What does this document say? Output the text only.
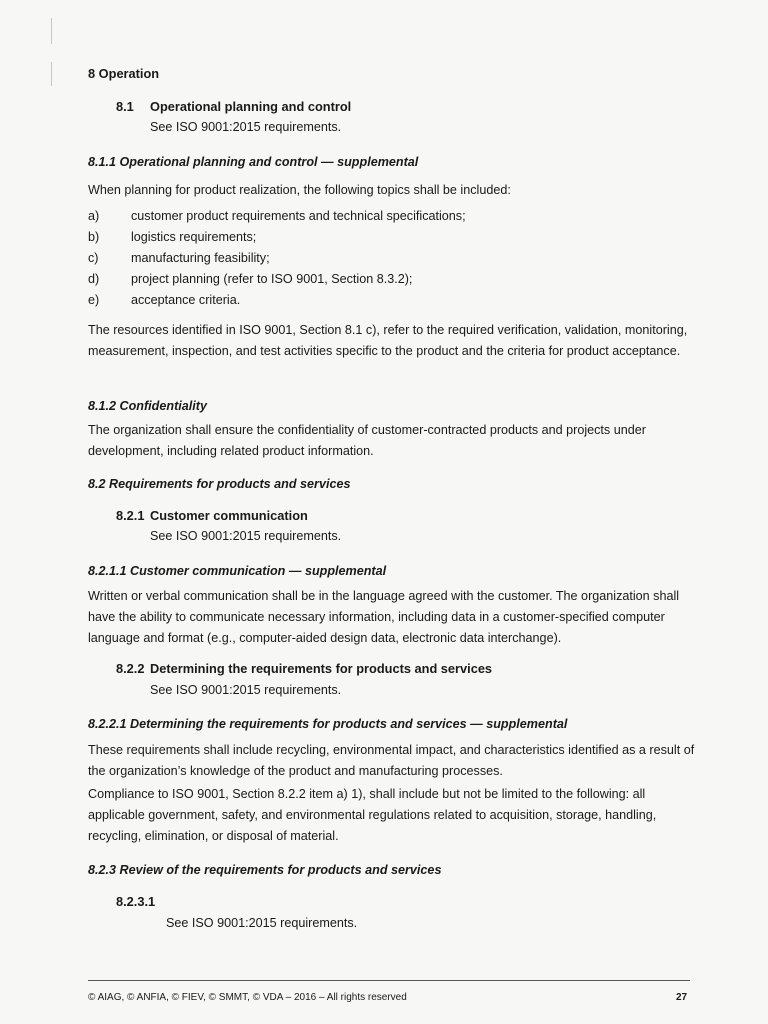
8 Operation
8.1 Operational planning and control
See ISO 9001:2015 requirements.
8.1.1 Operational planning and control — supplemental
When planning for product realization, the following topics shall be included:
a)	customer product requirements and technical specifications;
b)	logistics requirements;
c)	manufacturing feasibility;
d)	project planning (refer to ISO 9001, Section 8.3.2);
e)	acceptance criteria.
The resources identified in ISO 9001, Section 8.1 c), refer to the required verification, validation, monitoring, measurement, inspection, and test activities specific to the product and the criteria for product acceptance.
8.1.2 Confidentiality
The organization shall ensure the confidentiality of customer-contracted products and projects under development, including related product information.
8.2 Requirements for products and services
8.2.1 Customer communication
See ISO 9001:2015 requirements.
8.2.1.1 Customer communication — supplemental
Written or verbal communication shall be in the language agreed with the customer. The organization shall have the ability to communicate necessary information, including data in a customer-specified computer language and format (e.g., computer-aided design data, electronic data interchange).
8.2.2 Determining the requirements for products and services
See ISO 9001:2015 requirements.
8.2.2.1 Determining the requirements for products and services — supplemental
These requirements shall include recycling, environmental impact, and characteristics identified as a result of the organization’s knowledge of the product and manufacturing processes.
Compliance to ISO 9001, Section 8.2.2 item a) 1), shall include but not be limited to the following: all applicable government, safety, and environmental regulations related to acquisition, storage, handling, recycling, elimination, or disposal of material.
8.2.3 Review of the requirements for products and services
8.2.3.1
See ISO 9001:2015 requirements.
© AIAG, © ANFIA, © FIEV, © SMMT, © VDA – 2016 – All rights reserved	27
